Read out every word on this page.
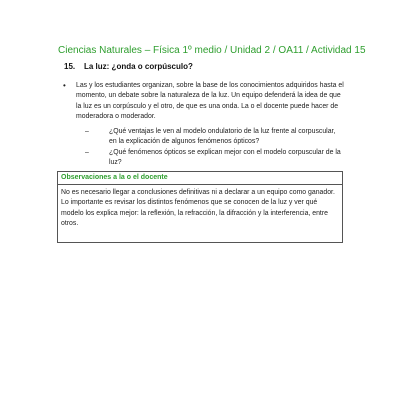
Ciencias Naturales – Física 1º medio / Unidad 2 / OA11 / Actividad 15
15. La luz: ¿onda o corpúsculo?
• Las y los estudiantes organizan, sobre la base de los conocimientos adquiridos hasta el momento, un debate sobre la naturaleza de la luz. Un equipo defenderá la idea de que la luz es un corpúsculo y el otro, de que es una onda. La o el docente puede hacer de moderadora o moderador.
–	¿Qué ventajas le ven al modelo ondulatorio de la luz frente al corpuscular, en la explicación de algunos fenómenos ópticos?
–	¿Qué fenómenos ópticos se explican mejor con el modelo corpuscular de la luz?
Observaciones a la o el docente
No es necesario llegar a conclusiones definitivas ni a declarar a un equipo como ganador. Lo importante es revisar los distintos fenómenos que se conocen de la luz y ver qué modelo los explica mejor: la reflexión, la refracción, la difracción y la interferencia, entre otros.
